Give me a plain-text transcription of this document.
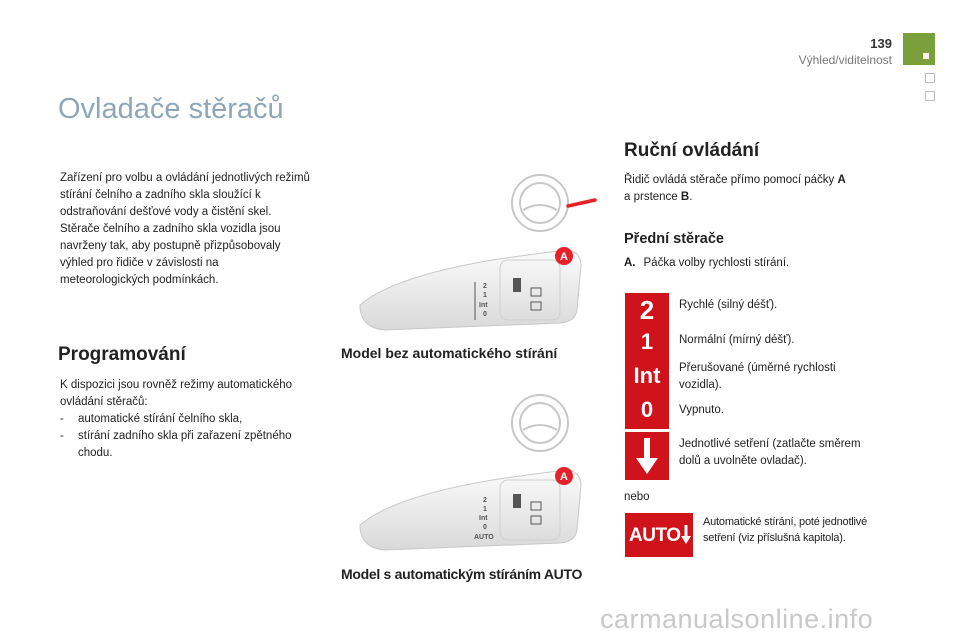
139
Výhled/viditelnost
Ovladače stěračů
Zařízení pro volbu a ovládání jednotlivých režimů stírání čelního a zadního skla sloužící k odstraňování dešťové vody a čistění skel. Stěrače čelního a zadního skla vozidla jsou navrženy tak, aby postupně přizpůsobovaly výhled pro řidiče v závislosti na meteorologických podmínkách.
Programování
K dispozici jsou rovněž režimy automatického ovládání stěračů:
- automatické stírání čelního skla,
- stírání zadního skla při zařazení zpětného chodu.
2
1
Int
0
A
Model bez automatického stírání
2
1
Int
0
AUTO
A
Model s automatickým stíráním AUTO
Ruční ovládání
Řidič ovládá stěrače přímo pomocí páčky A
a prstence B.
Přední stěrače
A. Páčka volby rychlosti stírání.
2
1
Int
0
Rychlé (silný déšť).
Normální (mírný déšť).
Přerušované (úměrné rychlosti vozidla).
Vypnuto.
Jednotlivé setření (zatlačte směrem dolů a uvolněte ovladač).
nebo
AUTO
Automatické stírání, poté jednotlivé setření (viz příslušná kapitola).
carmanualsonline.info
